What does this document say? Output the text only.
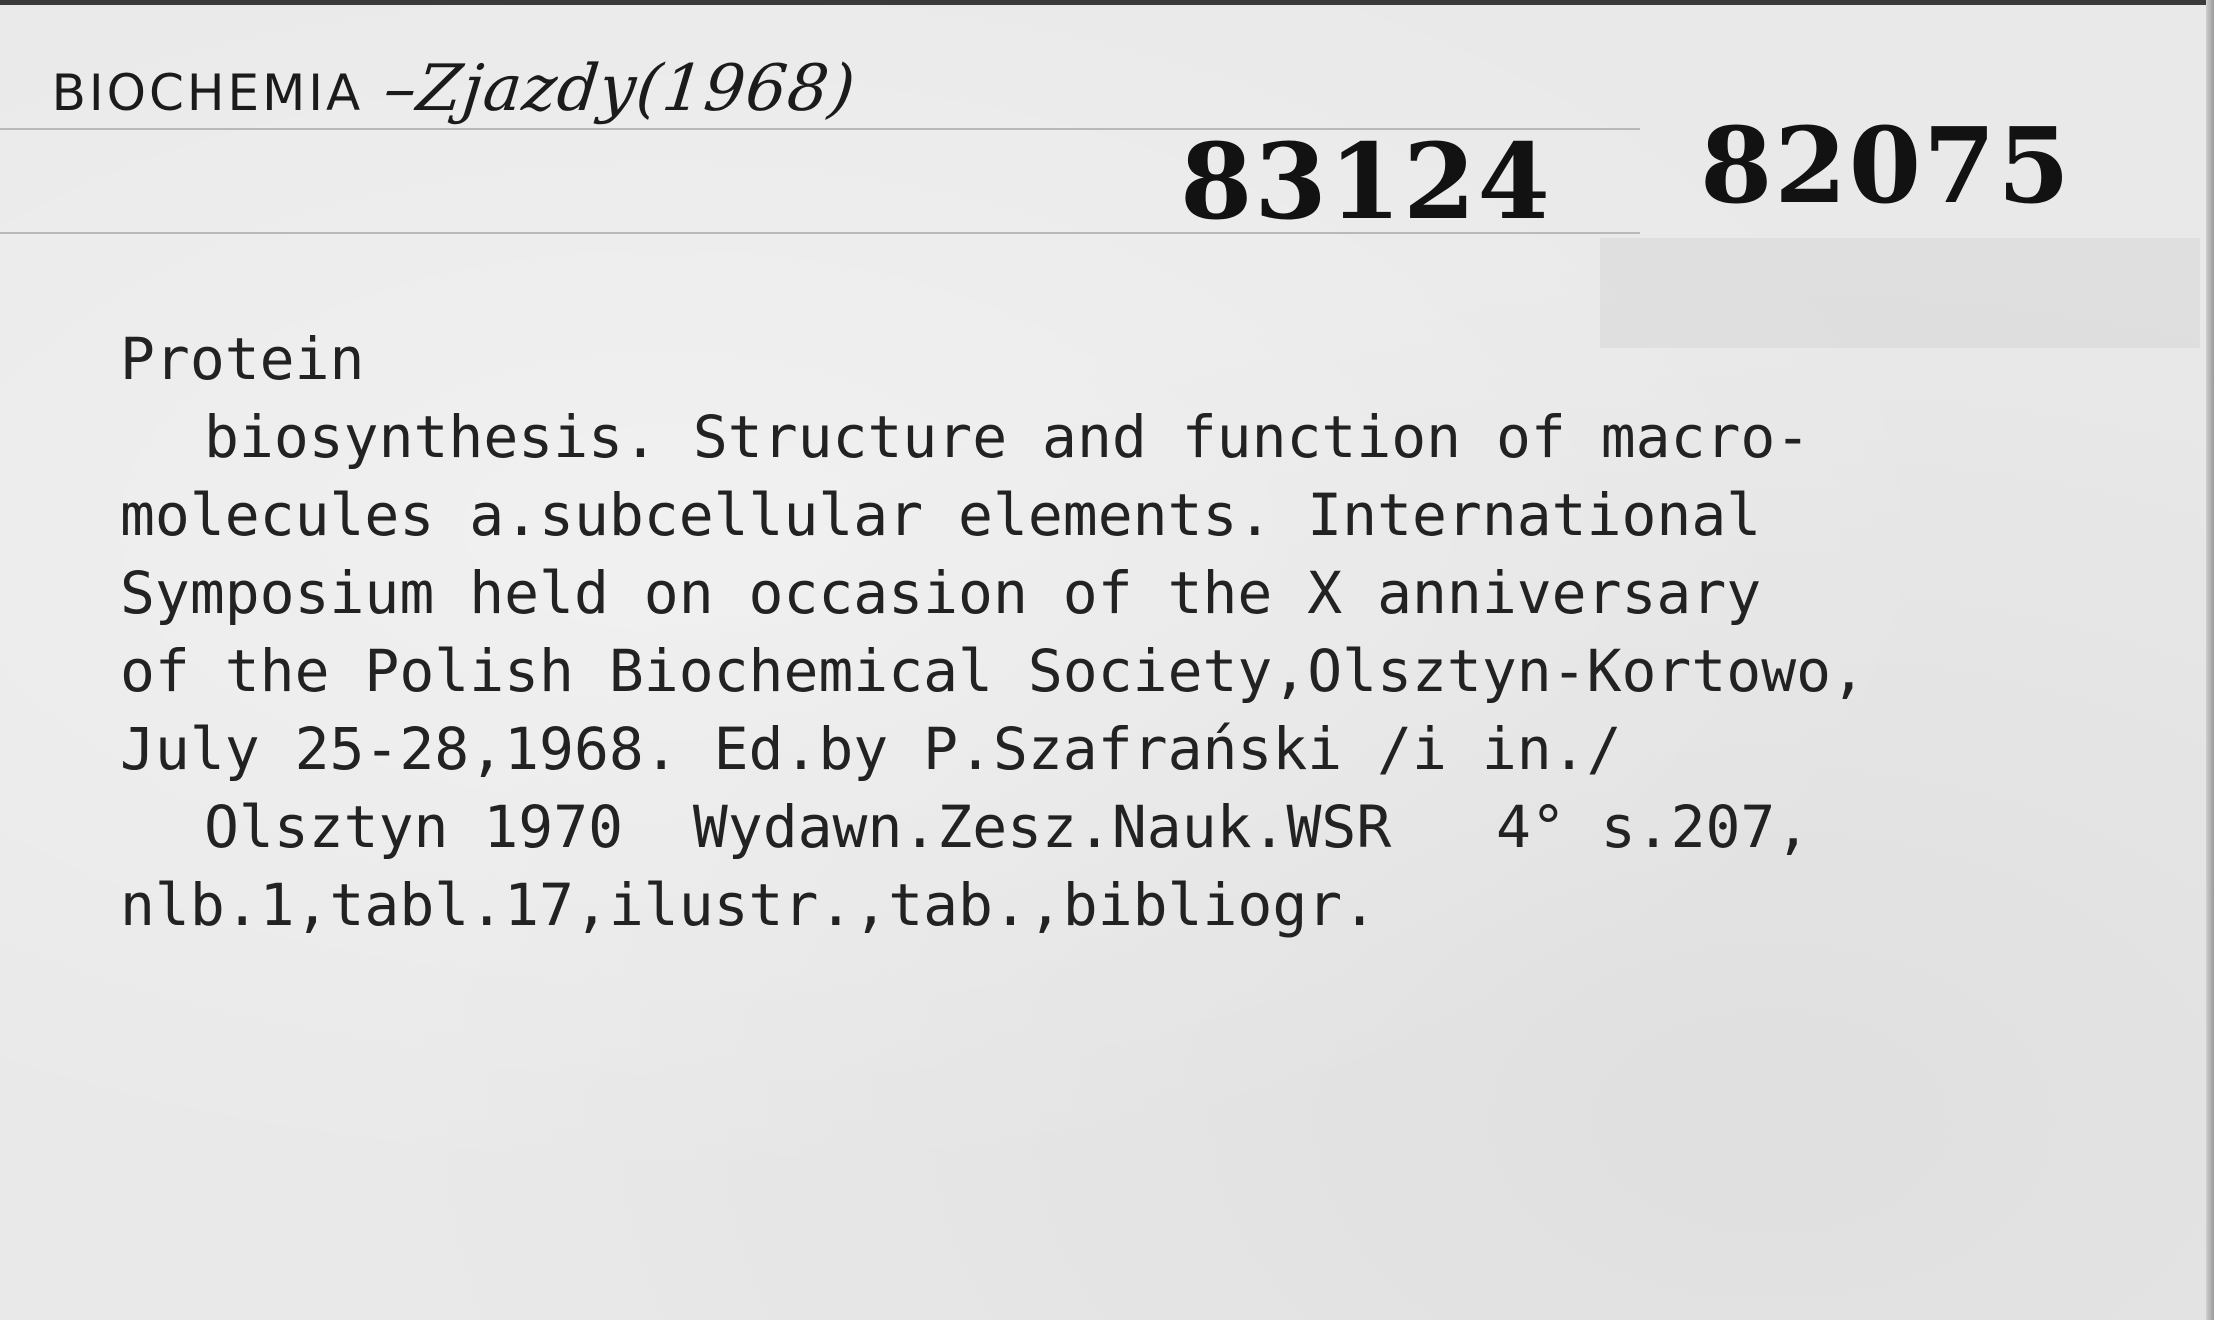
BIOCHEMIA –Zjazdy(1968)
83124 82075
Protein
biosynthesis. Structure and function of macro-
molecules a.subcellular elements. International
Symposium held on occasion of the X anniversary
of the Polish Biochemical Society,Olsztyn-Kortowo,
July 25-28,1968. Ed.by P.Szafrański /i in./
Olsztyn 1970  Wydawn.Zesz.Nauk.WSR   4° s.207,
nlb.1,tabl.17,ilustr.,tab.,bibliogr.
